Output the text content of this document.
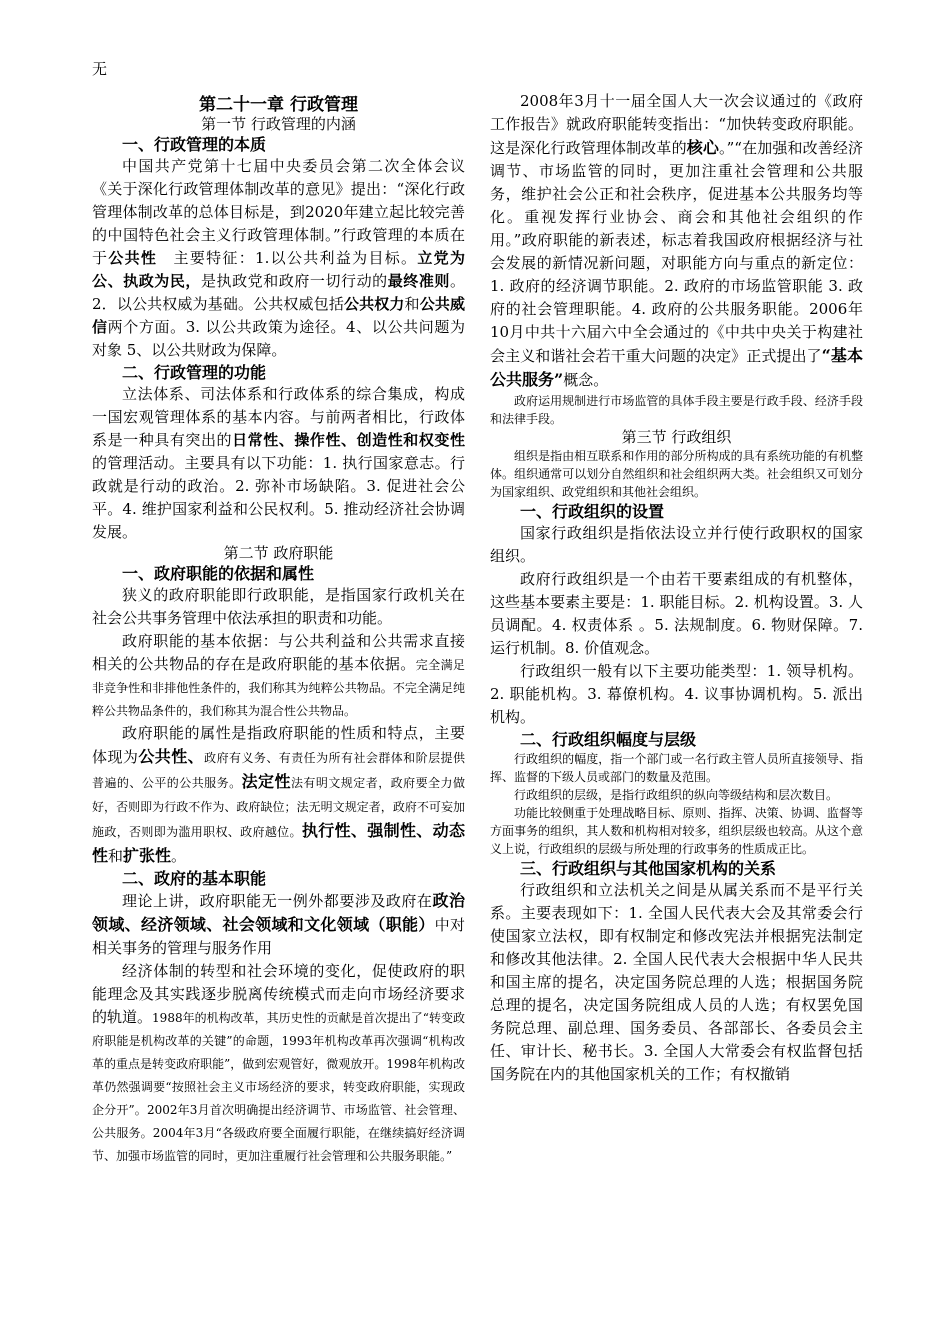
无

第二十一章 行政管理

第一节 行政管理的内涵

一、行政管理的本质

中国共产党第十七届中央委员会第二次全体会议《关于深化行政管理体制改革的意见》提出：“深化行政管理体制改革的总体目标是，到2020年建立起比较完善的中国特色社会主义行政管理体制。”行政管理的本质在于公共性　主要特征：1.以公共利益为目标。立党为公、执政为民，是执政党和政府一切行动的最终准则。2．以公共权威为基础。公共权威包括公共权力和公共威信两个方面。3. 以公共政策为途径。4、以公共问题为对象 5、以公共财政为保障。

二、行政管理的功能

立法体系、司法体系和行政体系的综合集成，构成一国宏观管理体系的基本内容。与前两者相比，行政体系是一种具有突出的日常性、操作性、创造性和权变性的管理活动。主要具有以下功能：1. 执行国家意志。行政就是行动的政治。2. 弥补市场缺陷。3. 促进社会公平。4. 维护国家利益和公民权利。5. 推动经济社会协调发展。

第二节 政府职能

一、政府职能的依据和属性

狭义的政府职能即行政职能，是指国家行政机关在社会公共事务管理中依法承担的职责和功能。

政府职能的基本依据：与公共利益和公共需求直接相关的公共物品的存在是政府职能的基本依据。完全满足非竞争性和非排他性条件的，我们称其为纯粹公共物品。不完全满足纯粹公共物品条件的，我们称其为混合性公共物品。

政府职能的属性是指政府职能的性质和特点，主要体现为公共性、政府有义务、有责任为所有社会群体和阶层提供普遍的、公平的公共服务。法定性法有明文规定者，政府要全力做好，否则即为行政不作为、政府缺位；法无明文规定者，政府不可妄加施政，否则即为滥用职权、政府越位。执行性、强制性、动态性和扩张性。

二、政府的基本职能

理论上讲，政府职能无一例外都要涉及政府在政治领域、经济领域、社会领域和文化领域（职能）中对相关事务的管理与服务作用

经济体制的转型和社会环境的变化，促使政府的职能理念及其实践逐步脱离传统模式而走向市场经济要求的轨道。1988年的机构改革，其历史性的贡献是首次提出了“转变政府职能是机构改革的关键”的命题，1993年机构改革再次强调“机构改革的重点是转变政府职能”，做到宏观管好，微观放开。1998年机构改革仍然强调要“按照社会主义市场经济的要求，转变政府职能，实现政企分开”。2002年3月首次明确提出经济调节、市场监管、社会管理、公共服务。2004年3月“各级政府要全面履行职能，在继续搞好经济调节、加强市场监管的同时，更加注重履行社会管理和公共服务职能。”

2008年3月十一届全国人大一次会议通过的《政府工作报告》就政府职能转变指出：“加快转变政府职能。这是深化行政管理体制改革的核心。”“在加强和改善经济调节、市场监管的同时，更加注重社会管理和公共服务，维护社会公正和社会秩序，促进基本公共服务均等化。重视发挥行业协会、商会和其他社会组织的作用。”政府职能的新表述，标志着我国政府根据经济与社会发展的新情况新问题，对职能方向与重点的新定位：1. 政府的经济调节职能。2. 政府的市场监管职能 3. 政府的社会管理职能。4. 政府的公共服务职能。2006年10月中共十六届六中全会通过的《中共中央关于构建社会主义和谐社会若干重大问题的决定》正式提出了“基本公共服务”概念。

政府运用规制进行市场监管的具体手段主要是行政手段、经济手段和法律手段。

第三节 行政组织

组织是指由相互联系和作用的部分所构成的具有系统功能的有机整体。组织通常可以划分自然组织和社会组织两大类。社会组织又可划分为国家组织、政党组织和其他社会组织。

一、行政组织的设置

国家行政组织是指依法设立并行使行政职权的国家组织。

政府行政组织是一个由若干要素组成的有机整体，这些基本要素主要是：1. 职能目标。2. 机构设置。3. 人员调配。4. 权责体系 。5. 法规制度。6. 物财保障。7. 运行机制。8. 价值观念。

行政组织一般有以下主要功能类型：1. 领导机构。2. 职能机构。3. 幕僚机构。4. 议事协调机构。5. 派出机构。

二、行政组织幅度与层级

行政组织的幅度，指一个部门或一名行政主管人员所直接领导、指挥、监督的下级人员或部门的数量及范围。

行政组织的层级，是指行政组织的纵向等级结构和层次数目。

功能比较侧重于处理战略目标、原则、指挥、决策、协调、监督等方面事务的组织，其人数和机构相对较多，组织层级也较高。从这个意义上说，行政组织的层级与所处理的行政事务的性质成正比。

三、行政组织与其他国家机构的关系

行政组织和立法机关之间是从属关系而不是平行关系。主要表现如下：1. 全国人民代表大会及其常委会行使国家立法权，即有权制定和修改宪法并根据宪法制定和修改其他法律。2. 全国人民代表大会根据中华人民共和国主席的提名，决定国务院总理的人选；根据国务院总理的提名，决定国务院组成人员的人选；有权罢免国务院总理、副总理、国务委员、各部部长、各委员会主任、审计长、秘书长。3. 全国人大常委会有权监督包括国务院在内的其他国家机关的工作；有权撤销
